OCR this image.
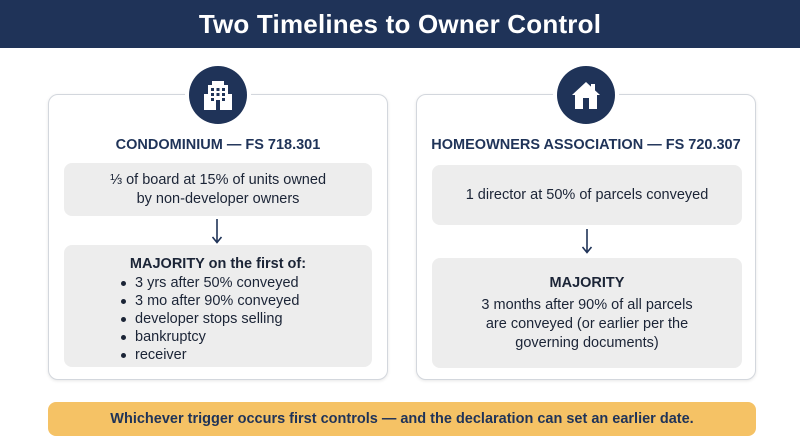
Two Timelines to Owner Control
CONDOMINIUM — FS 718.301	HOMEOWNERS ASSOCIATION — FS 720.307
⅓ of board at 15% of units owned
by non-developer owners
MAJORITY on the first of:
3 yrs after 50% conveyed
3 mo after 90% conveyed
developer stops selling
bankruptcy
receiver
1 director at 50% of parcels conveyed
MAJORITY
3 months after 90% of all parcels
are conveyed (or earlier per the
governing documents)
Whichever trigger occurs first controls — and the declaration can set an earlier date.
